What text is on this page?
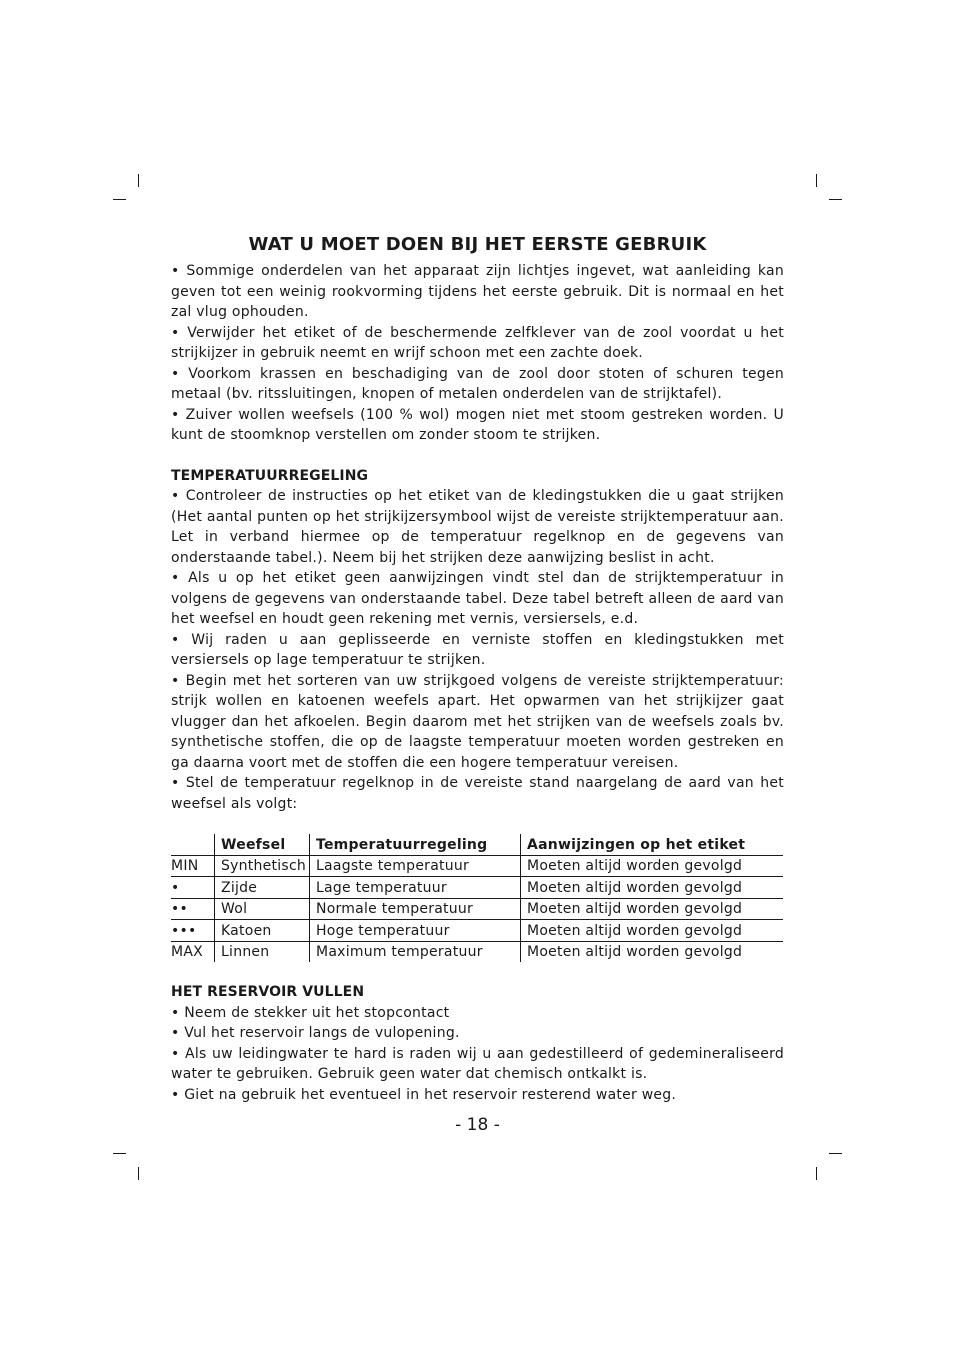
WAT U MOET DOEN BIJ HET EERSTE GEBRUIK

• Sommige onderdelen van het apparaat zijn lichtjes ingevet, wat aanleiding kan geven tot een weinig rookvorming tijdens het eerste gebruik. Dit is normaal en het zal vlug ophouden.

• Verwijder het etiket of de beschermende zelfklever van de zool voordat u het strijkijzer in gebruik neemt en wrijf schoon met een zachte doek.

• Voorkom krassen en beschadiging van de zool door stoten of schuren tegen metaal (bv. ritssluitingen, knopen of metalen onderdelen van de strijktafel).

• Zuiver wollen weefsels (100 % wol) mogen niet met stoom gestreken worden. U kunt de stoomknop verstellen om zonder stoom te strijken.

TEMPERATUURREGELING

• Controleer de instructies op het etiket van de kledingstukken die u gaat strijken (Het aantal punten op het strijkijzersymbool wijst de vereiste strijktemperatuur aan. Let in verband hiermee op de temperatuur regelknop en de gegevens van onderstaande tabel.). Neem bij het strijken deze aanwijzing beslist in acht.

• Als u op het etiket geen aanwijzingen vindt stel dan de strijktemperatuur in volgens de gegevens van onderstaande tabel. Deze tabel betreft alleen de aard van het weefsel en houdt geen rekening met vernis, versiersels, e.d.

• Wij raden u aan geplisseerde en verniste stoffen en kledingstukken met versiersels op lage temperatuur te strijken.

• Begin met het sorteren van uw strijkgoed volgens de vereiste strijktemperatuur: strijk wollen en katoenen weefels apart. Het opwarmen van het strijkijzer gaat vlugger dan het afkoelen. Begin daarom met het strijken van de weefsels zoals bv. synthetische stoffen, die op de laagste temperatuur moeten worden gestreken en ga daarna voort met de stoffen die een hogere temperatuur vereisen.

• Stel de temperatuur regelknop in de vereiste stand naargelang de aard van het weefsel als volgt:

	Weefsel	Temperatuurregeling	Aanwijzingen op het etiket
MIN	Synthetisch	Laagste temperatuur	Moeten altijd worden gevolgd
•	Zijde	Lage temperatuur	Moeten altijd worden gevolgd
••	Wol	Normale temperatuur	Moeten altijd worden gevolgd
•••	Katoen	Hoge temperatuur	Moeten altijd worden gevolgd
MAX	Linnen	Maximum temperatuur	Moeten altijd worden gevolgd
HET RESERVOIR VULLEN

• Neem de stekker uit het stopcontact

• Vul het reservoir langs de vulopening.

• Als uw leidingwater te hard is raden wij u aan gedestilleerd of gedemineraliseerd water te gebruiken. Gebruik geen water dat chemisch ontkalkt is.

• Giet na gebruik het eventueel in het reservoir resterend water weg.

- 18 -
